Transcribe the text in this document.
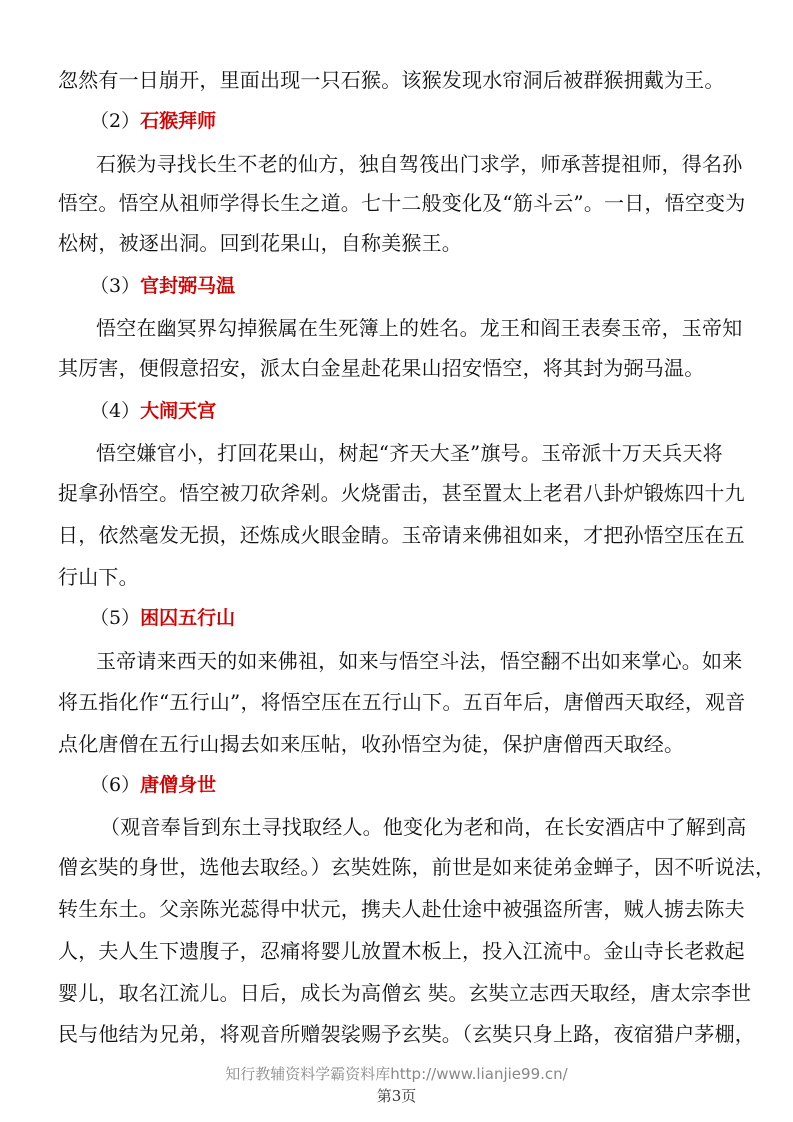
忽然有一日崩开，里面出现一只石猴。该猴发现水帘洞后被群猴拥戴为王。
（2）石猴拜师
石猴为寻找长生不老的仙方，独自驾筏出门求学，师承菩提祖师，得名孙
悟空。悟空从祖师学得长生之道。七十二般变化及“筋斗云”。一日，悟空变为
松树，被逐出洞。回到花果山，自称美猴王。
（3）官封弼马温
悟空在幽冥界勾掉猴属在生死簿上的姓名。龙王和阎王表奏玉帝，玉帝知
其厉害，便假意招安，派太白金星赴花果山招安悟空，将其封为弼马温。
（4）大闹天宫
悟空嫌官小，打回花果山，树起“齐天大圣”旗号。玉帝派十万天兵天将
捉拿孙悟空。悟空被刀砍斧剁。火烧雷击，甚至置太上老君八卦炉锻炼四十九
日，依然毫发无损，还炼成火眼金睛。玉帝请来佛祖如来，才把孙悟空压在五
行山下。
（5）困囚五行山
玉帝请来西天的如来佛祖，如来与悟空斗法，悟空翻不出如来掌心。如来
将五指化作“五行山”，将悟空压在五行山下。五百年后，唐僧西天取经，观音
点化唐僧在五行山揭去如来压帖，收孙悟空为徒，保护唐僧西天取经。
（6）唐僧身世
（观音奉旨到东土寻找取经人。他变化为老和尚，在长安酒店中了解到高
僧玄奘的身世，选他去取经。）玄奘姓陈，前世是如来徒弟金蝉子，因不听说法，
转生东土。父亲陈光蕊得中状元，携夫人赴仕途中被强盗所害，贼人掳去陈夫
人，夫人生下遗腹子，忍痛将婴儿放置木板上，投入江流中。金山寺长老救起
婴儿，取名江流儿。日后，成长为高僧玄 奘。玄奘立志西天取经，唐太宗李世
民与他结为兄弟，将观音所赠袈裟赐予玄奘。（玄奘只身上路，夜宿猎户茅棚，
知行教辅资料学霸资料库http://www.lianjie99.cn/
第3页
